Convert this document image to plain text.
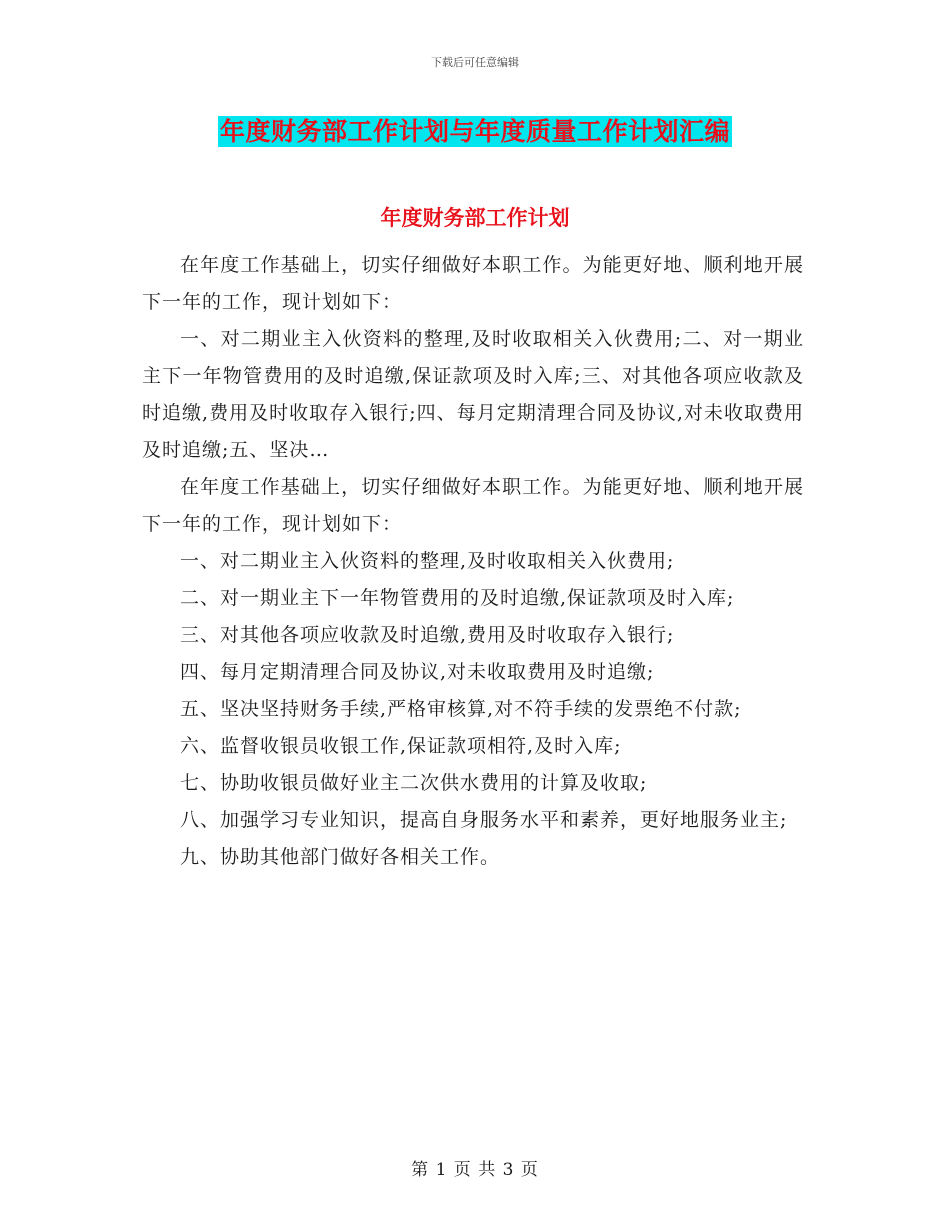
下载后可任意编辑
年度财务部工作计划与年度质量工作计划汇编
年度财务部工作计划

在年度工作基础上，切实仔细做好本职工作。为能更好地、顺利地开展下一年的工作，现计划如下：

一、对二期业主入伙资料的整理,及时收取相关入伙费用;二、对一期业主下一年物管费用的及时追缴,保证款项及时入库;三、对其他各项应收款及时追缴,费用及时收取存入银行;四、每月定期清理合同及协议,对未收取费用及时追缴;五、坚决…

在年度工作基础上，切实仔细做好本职工作。为能更好地、顺利地开展下一年的工作，现计划如下：

一、对二期业主入伙资料的整理,及时收取相关入伙费用;

二、对一期业主下一年物管费用的及时追缴,保证款项及时入库;

三、对其他各项应收款及时追缴,费用及时收取存入银行;

四、每月定期清理合同及协议,对未收取费用及时追缴;

五、坚决坚持财务手续,严格审核算,对不符手续的发票绝不付款;

六、监督收银员收银工作,保证款项相符,及时入库;

七、协助收银员做好业主二次供水费用的计算及收取;

八、加强学习专业知识，提高自身服务水平和素养，更好地服务业主;

九、协助其他部门做好各相关工作。

第 1 页 共 3 页
